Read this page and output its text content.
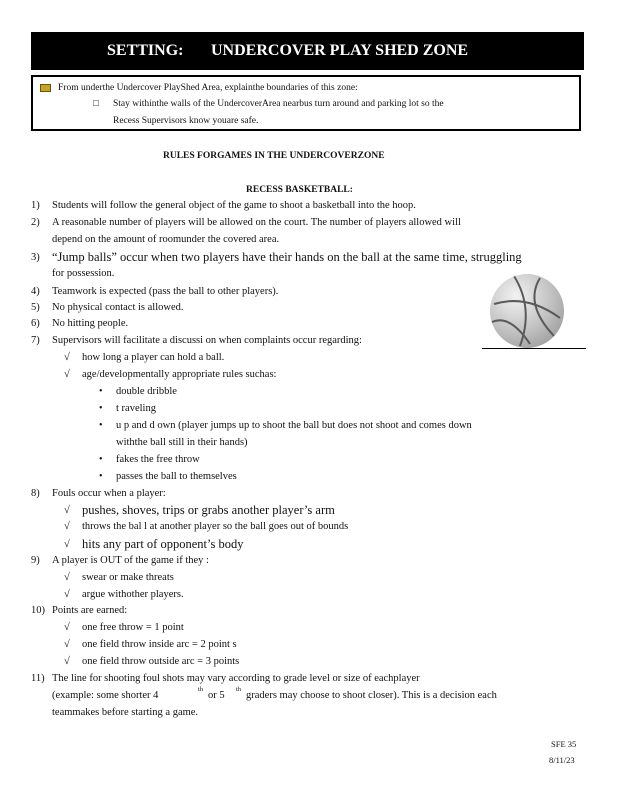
SETTING: UNDERCOVER PLAY SHED ZONE
From underthe Undercover PlayShed Area, explainthe boundaries of this zone:
□ Stay withinthe walls of the UndercoverArea nearbus turn around and parking lot so the
Recess Supervisors know youare safe.
RULES FORGAMES IN THE UNDERCOVERZONE
RECESS BASKETBALL:
1) Students will follow the general object of the game to shoot a basketball into the hoop.
2) A reasonable number of players will be allowed on the court. The number of players allowed will
depend on the amount of roomunder the covered area.
3) “Jump balls” occur when two players have their hands on the ball at the same time, struggling
for possession.
4) Teamwork is expected (pass the ball to other players).
5) No physical contact is allowed.
6) No hitting people.
7) Supervisors will facilitate a discussi on when complaints occur regarding:
√ how long a player can hold a ball.
√ age/developmentally appropriate rules suchas:
• double dribble
• t raveling
• u p and d own (player jumps up to shoot the ball but does not shoot and comes down
withthe ball still in their hands)
• fakes the free throw
• passes the ball to themselves
8) Fouls occur when a player:
√ pushes, shoves, trips or grabs another player’s arm
√ throws the bal l at another player so the ball goes out of bounds
√ hits any part of opponent’s body
9) A player is OUT of the game if they :
√ swear or make threats
√ argue withother players.
10) Points are earned:
√ one free throw = 1 point
√ one field throw inside arc = 2 point s
√ one field throw outside arc = 3 points
11) The line for shooting foul shots may vary according to grade level or size of eachplayer
(example: some shorter 4
th
or 5
th
graders may choose to shoot closer). This is a decision each
teammakes before starting a game.
SFE 35
8/11/23
